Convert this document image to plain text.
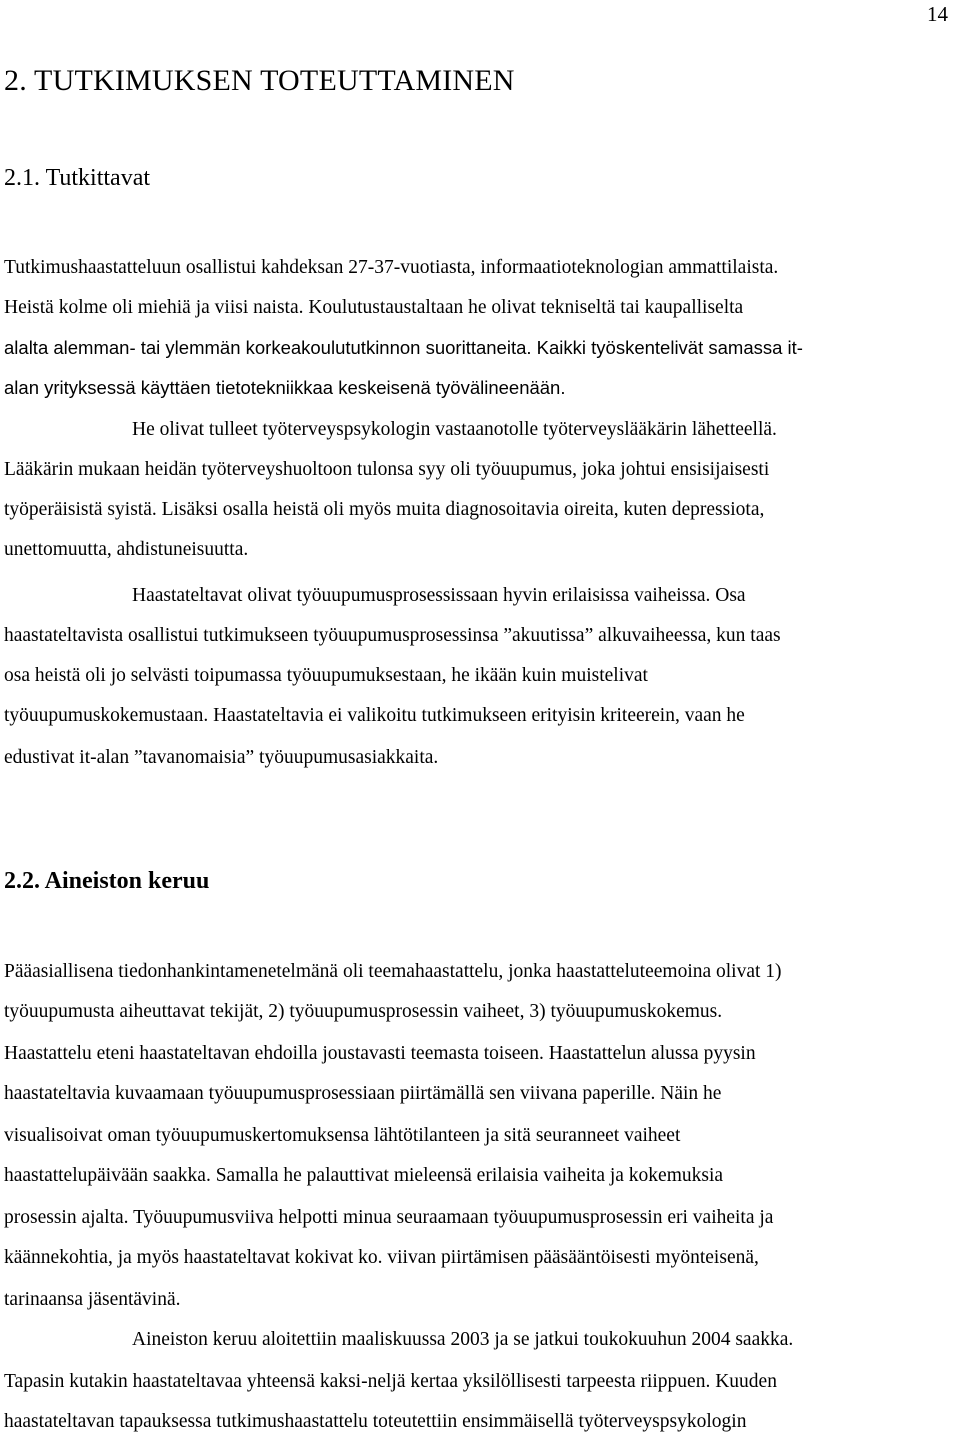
14
2. TUTKIMUKSEN TOTEUTTAMINEN
2.1. Tutkittavat
Tutkimushaastatteluun osallistui kahdeksan 27-37-vuotiasta, informaatioteknologian ammattilaista.
Heistä kolme oli miehiä ja viisi naista. Koulutustaustaltaan he olivat tekniseltä tai kaupalliselta
alalta alemman- tai ylemmän korkeakoulututkinnon suorittaneita. Kaikki työskentelivät samassa it-
alan yrityksessä käyttäen tietotekniikkaa keskeisenä työvälineenään.
He olivat tulleet työterveyspsykologin vastaanotolle työterveyslääkärin lähetteellä.
Lääkärin mukaan heidän työterveyshuoltoon tulonsa syy oli työuupumus, joka johtui ensisijaisesti
työperäisistä syistä. Lisäksi osalla heistä oli myös muita diagnosoitavia oireita, kuten depressiota,
unettomuutta, ahdistuneisuutta.
Haastateltavat olivat työuupumusprosessissaan hyvin erilaisissa vaiheissa. Osa
haastateltavista osallistui tutkimukseen työuupumusprosessinsa ”akuutissa” alkuvaiheessa, kun taas
osa heistä oli jo selvästi toipumassa työuupumuksestaan, he ikään kuin muistelivat
työuupumuskokemustaan. Haastateltavia ei valikoitu tutkimukseen erityisin kriteerein, vaan he
edustivat it-alan ”tavanomaisia” työuupumusasiakkaita.
2.2. Aineiston keruu
Pääasiallisena tiedonhankintamenetelmänä oli teemahaastattelu, jonka haastatteluteemoina olivat 1)
työuupumusta aiheuttavat tekijät, 2) työuupumusprosessin vaiheet, 3) työuupumuskokemus.
Haastattelu eteni haastateltavan ehdoilla joustavasti teemasta toiseen. Haastattelun alussa pyysin
haastateltavia kuvaamaan työuupumusprosessiaan piirtämällä sen viivana paperille. Näin he
visualisoivat oman työuupumuskertomuksensa lähtötilanteen ja sitä seuranneet vaiheet
haastattelupäivään saakka. Samalla he palauttivat mieleensä erilaisia vaiheita ja kokemuksia
prosessin ajalta. Työuupumusviiva helpotti minua seuraamaan työuupumusprosessin eri vaiheita ja
käännekohtia, ja myös haastateltavat kokivat ko. viivan piirtämisen pääsääntöisesti myönteisenä,
tarinaansa jäsentävinä.
Aineiston keruu aloitettiin maaliskuussa 2003 ja se jatkui toukokuuhun 2004 saakka.
Tapasin kutakin haastateltavaa yhteensä kaksi-neljä kertaa yksilöllisesti tarpeesta riippuen. Kuuden
haastateltavan tapauksessa tutkimushaastattelu toteutettiin ensimmäisellä työterveyspsykologin
